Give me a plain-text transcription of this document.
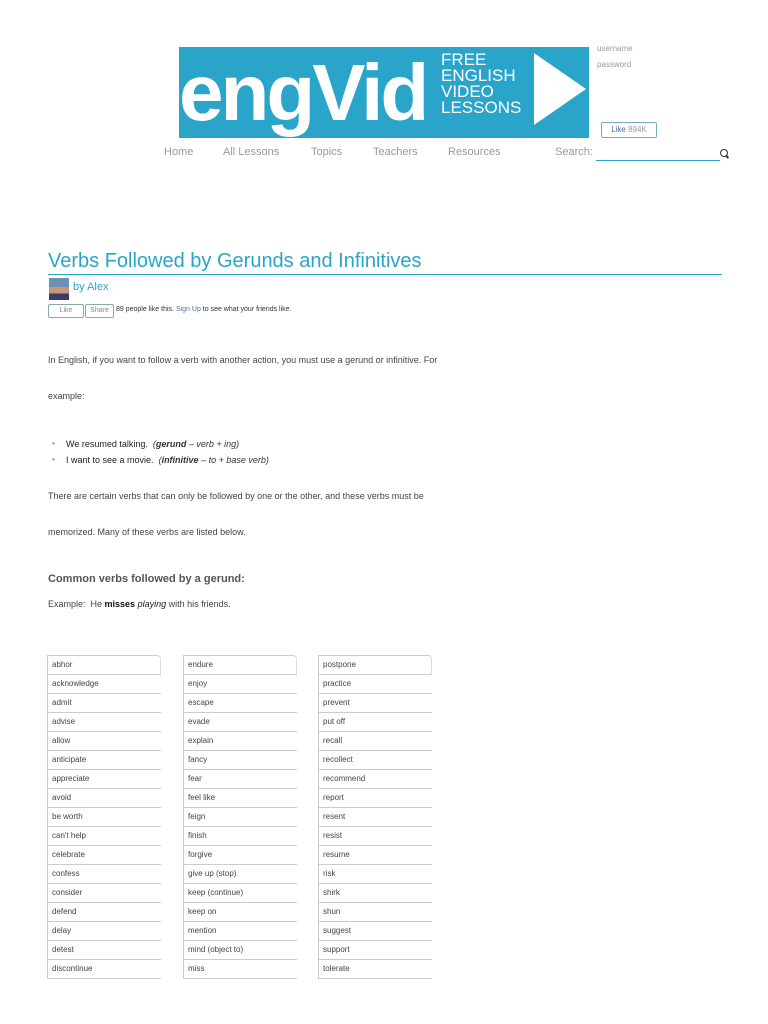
engVid FREE
ENGLISH
VIDEO
LESSONS
username
password
Like 894K
Home	All Lessons	Topics	Teachers	Resources	Search:
Verbs Followed by Gerunds and Infinitives
by Alex
Like	Share	89 people like this. Sign Up to see what your friends like.
In English, if you want to follow a verb with another action, you must use a gerund or infinitive. For
example:
• We resumed talking. (gerund – verb + ing)
• I want to see a movie. (infinitive – to + base verb)
There are certain verbs that can only be followed by one or the other, and these verbs must be
memorized. Many of these verbs are listed below.
Common verbs followed by a gerund:
Example:  He misses playing with his friends.
abhor
acknowledge
admit
advise
allow
anticipate
appreciate
avoid
be worth
can't help
celebrate
confess
consider
defend
delay
detest
discontinue
endure
enjoy
escape
evade
explain
fancy
fear
feel like
feign
finish
forgive
give up (stop)
keep (continue)
keep on
mention
mind (object to)
miss
postpone
practice
prevent
put off
recall
recollect
recommend
report
resent
resist
resume
risk
shirk
shun
suggest
support
tolerate
